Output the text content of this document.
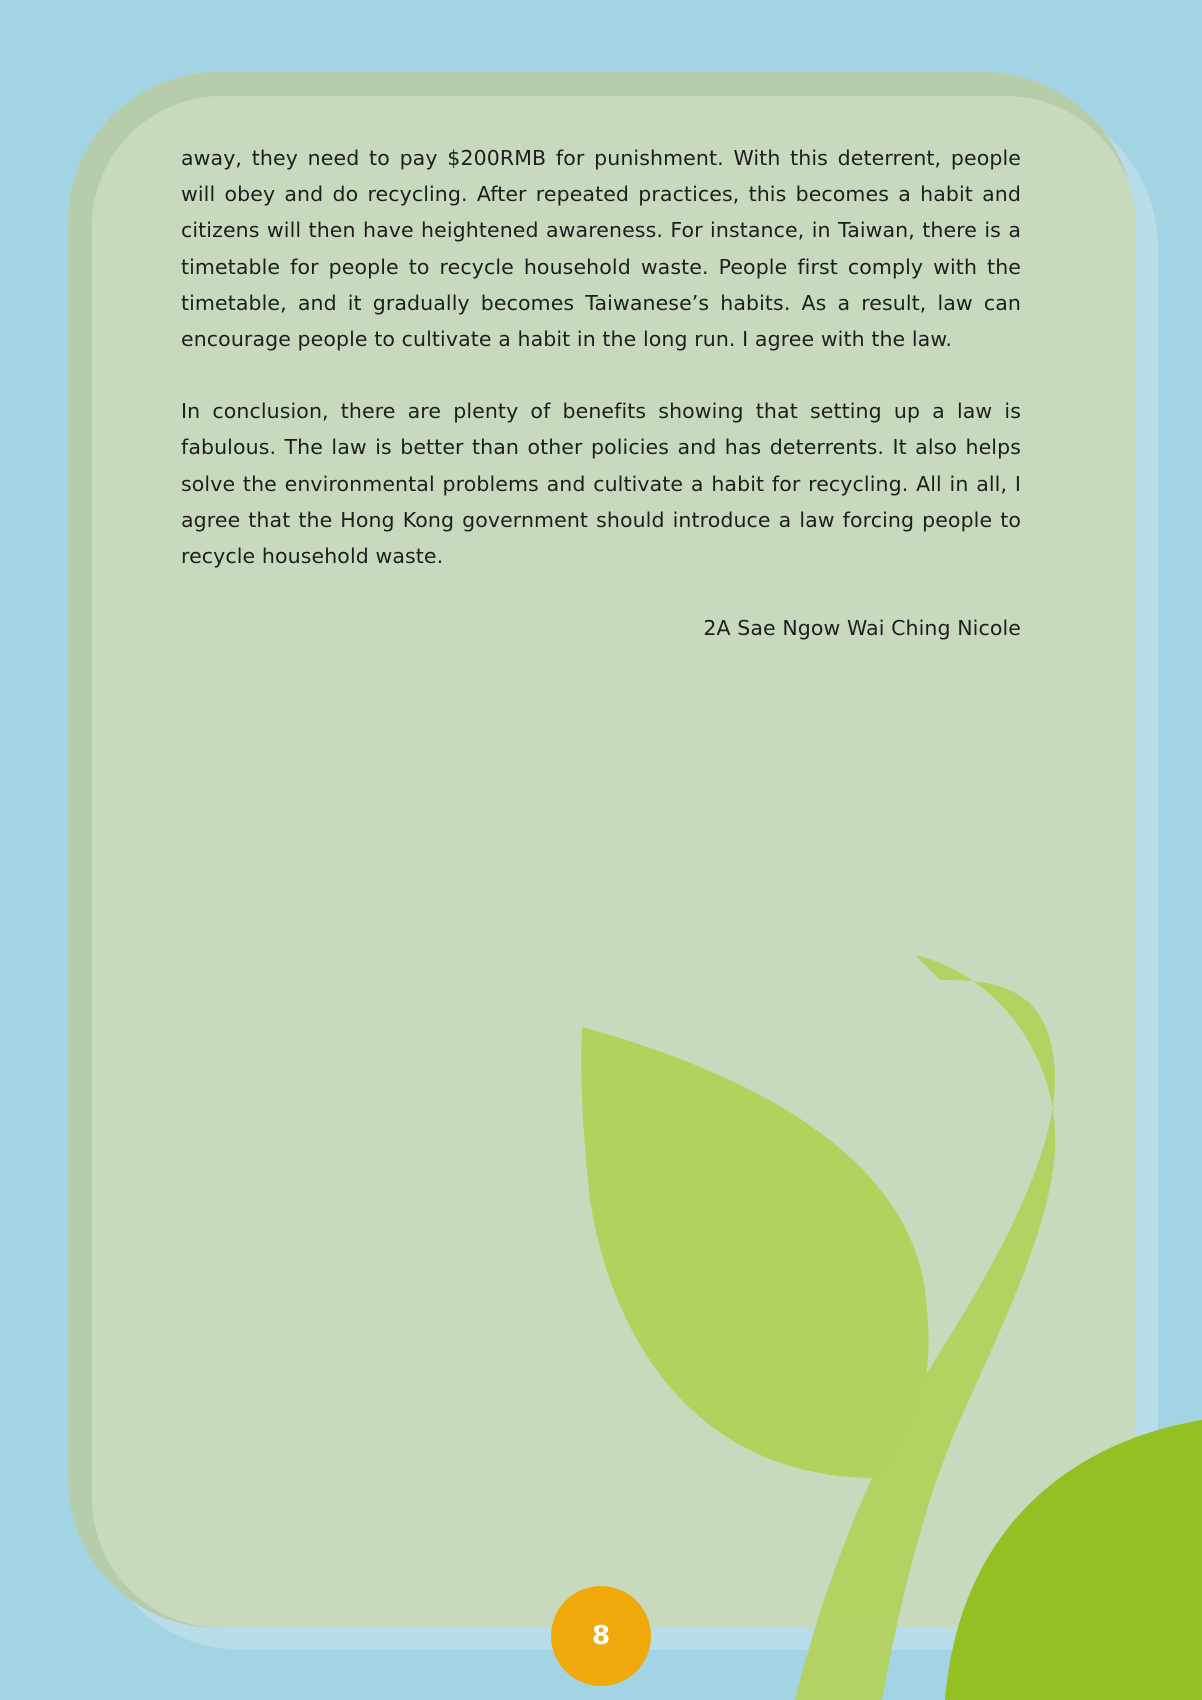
away, they need to pay $200RMB for punishment. With this deterrent, people will obey and do recycling. After repeated practices, this becomes a habit and citizens will then have heightened awareness. For instance, in Taiwan, there is a timetable for people to recycle household waste. People first comply with the timetable, and it gradually becomes Taiwanese’s habits. As a result, law can encourage people to cultivate a habit in the long run. I agree with the law.

In conclusion, there are plenty of benefits showing that setting up a law is fabulous. The law is better than other policies and has deterrents. It also helps solve the environmental problems and cultivate a habit for recycling. All in all, I agree that the Hong Kong government should introduce a law forcing people to recycle household waste.

2A Sae Ngow Wai Ching Nicole
8
